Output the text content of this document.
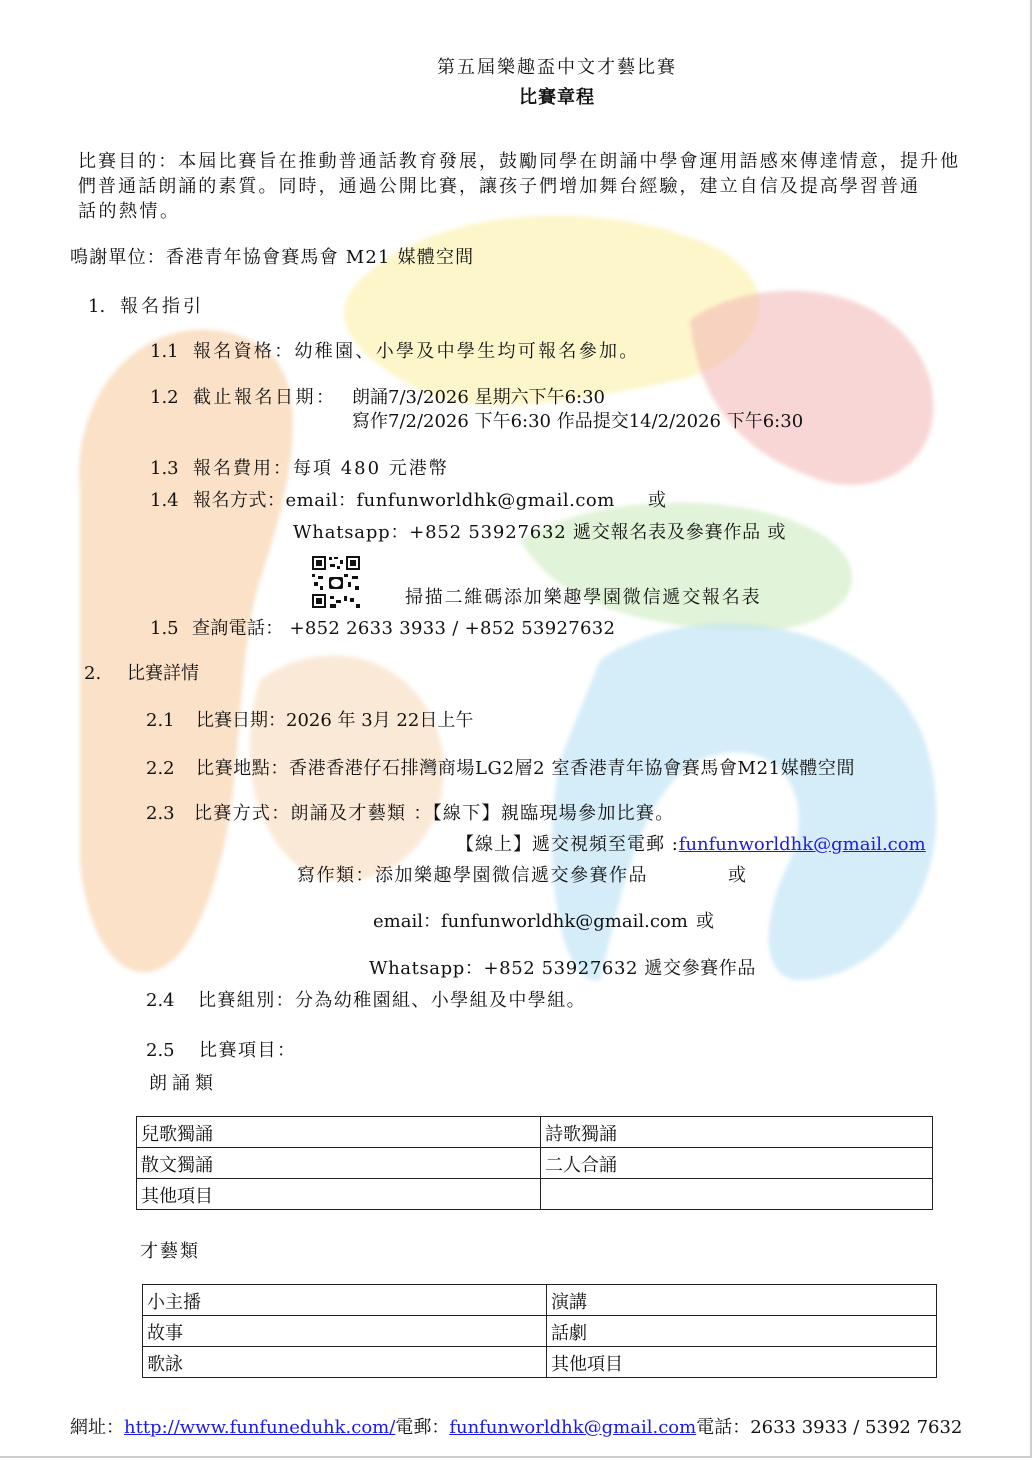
第五屆樂趣盃中文才藝比賽
比賽章程
比賽目的：本屆比賽旨在推動普通話教育發展，鼓勵同學在朗誦中學會運用語感來傳達情意，提升他
們普通話朗誦的素質。同時，通過公開比賽，讓孩子們增加舞台經驗，建立自信及提高學習普通
話的熱情。
鳴謝單位：香港青年協會賽馬會 M21 媒體空間
1. 報名指引
1.1 報名資格：幼稚園、小學及中學生均可報名參加。
1.2 截止報名日期： 朗誦7/3/2026 星期六下午6:30
寫作7/2/2026 下午6:30 作品提交14/2/2026 下午6:30
1.3 報名費用：每項 480 元港幣
1.4 報名方式：email：funfunworldhk@gmail.com 或
Whatsapp：+852 53927632 遞交報名表及參賽作品 或
掃描二維碼添加樂趣學園微信遞交報名表
1.5 查詢電話： +852 2633 3933 / +852 53927632
2. 比賽詳情
2.1 比賽日期：2026 年 3月 22日上午
2.2 比賽地點：香港香港仔石排灣商場LG2層2 室香港青年協會賽馬會M21媒體空間
2.3 比賽方式：朗誦及才藝類 ：【線下】親臨現場參加比賽。
【線上】遞交視頻至電郵 :funfunworldhk@gmail.com
寫作類：添加樂趣學園微信遞交參賽作品	或
email：funfunworldhk@gmail.com 或
Whatsapp：+852 53927632 遞交參賽作品
2.4 比賽組別：分為幼稚園組、小學組及中學組。
2.5 比賽項目：
朗誦類
兒歌獨誦	詩歌獨誦
散文獨誦	二人合誦
其他項目	
才藝類
小主播	演講
故事	話劇
歌詠	其他項目
網址：http://www.funfuneduhk.com/電郵：funfunworldhk@gmail.com電話：2633 3933 / 5392 7632
